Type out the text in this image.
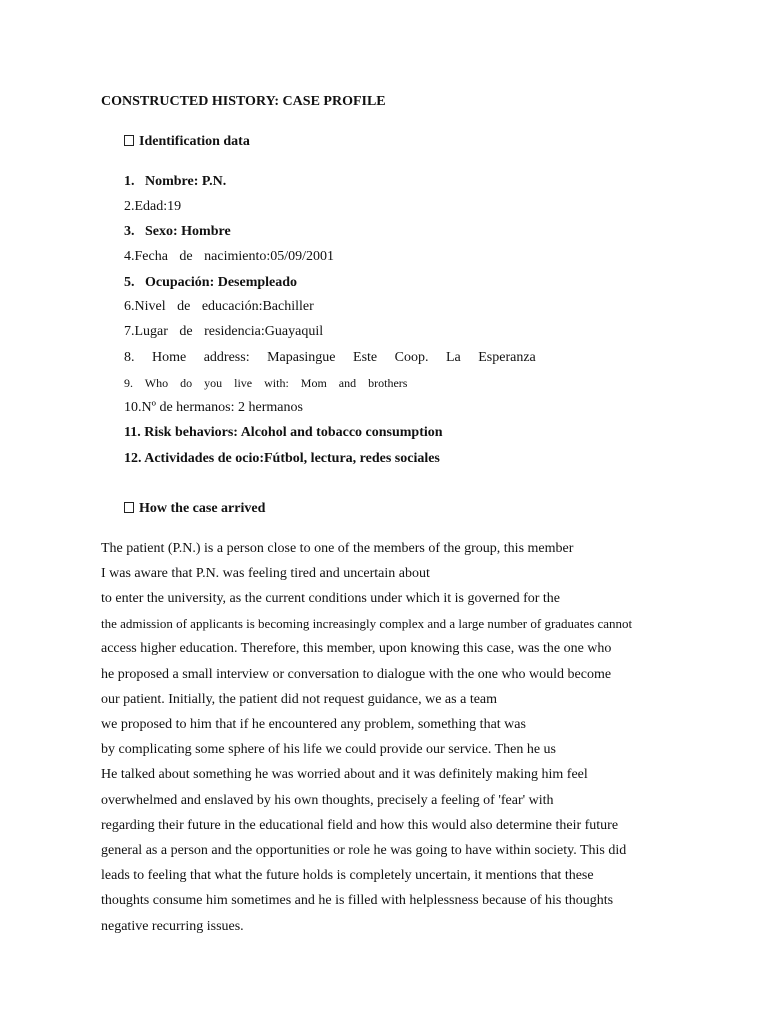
CONSTRUCTED HISTORY: CASE PROFILE
Identification data
1. Nombre: P.N.
2.Edad:19
3. Sexo: Hombre
4.Fecha de nacimiento:05/09/2001
5. Ocupación: Desempleado
6.Nivel de educación:Bachiller
7.Lugar de residencia:Guayaquil
8. Home address: Mapasingue Este Coop. La Esperanza
9. Who do you live with: Mom and brothers
10.Nº de hermanos: 2 hermanos
11. Risk behaviors: Alcohol and tobacco consumption
12. Actividades de ocio:Fútbol, lectura, redes sociales
How the case arrived
The patient (P.N.) is a person close to one of the members of the group, this member
I was aware that P.N. was feeling tired and uncertain about
to enter the university, as the current conditions under which it is governed for the
the admission of applicants is becoming increasingly complex and a large number of graduates cannot
access higher education. Therefore, this member, upon knowing this case, was the one who
he proposed a small interview or conversation to dialogue with the one who would become
our patient. Initially, the patient did not request guidance, we as a team
we proposed to him that if he encountered any problem, something that was
by complicating some sphere of his life we could provide our service. Then he us
He talked about something he was worried about and it was definitely making him feel
overwhelmed and enslaved by his own thoughts, precisely a feeling of 'fear' with
regarding their future in the educational field and how this would also determine their future
general as a person and the opportunities or role he was going to have within society. This did
leads to feeling that what the future holds is completely uncertain, it mentions that these
thoughts consume him sometimes and he is filled with helplessness because of his thoughts
negative recurring issues.
